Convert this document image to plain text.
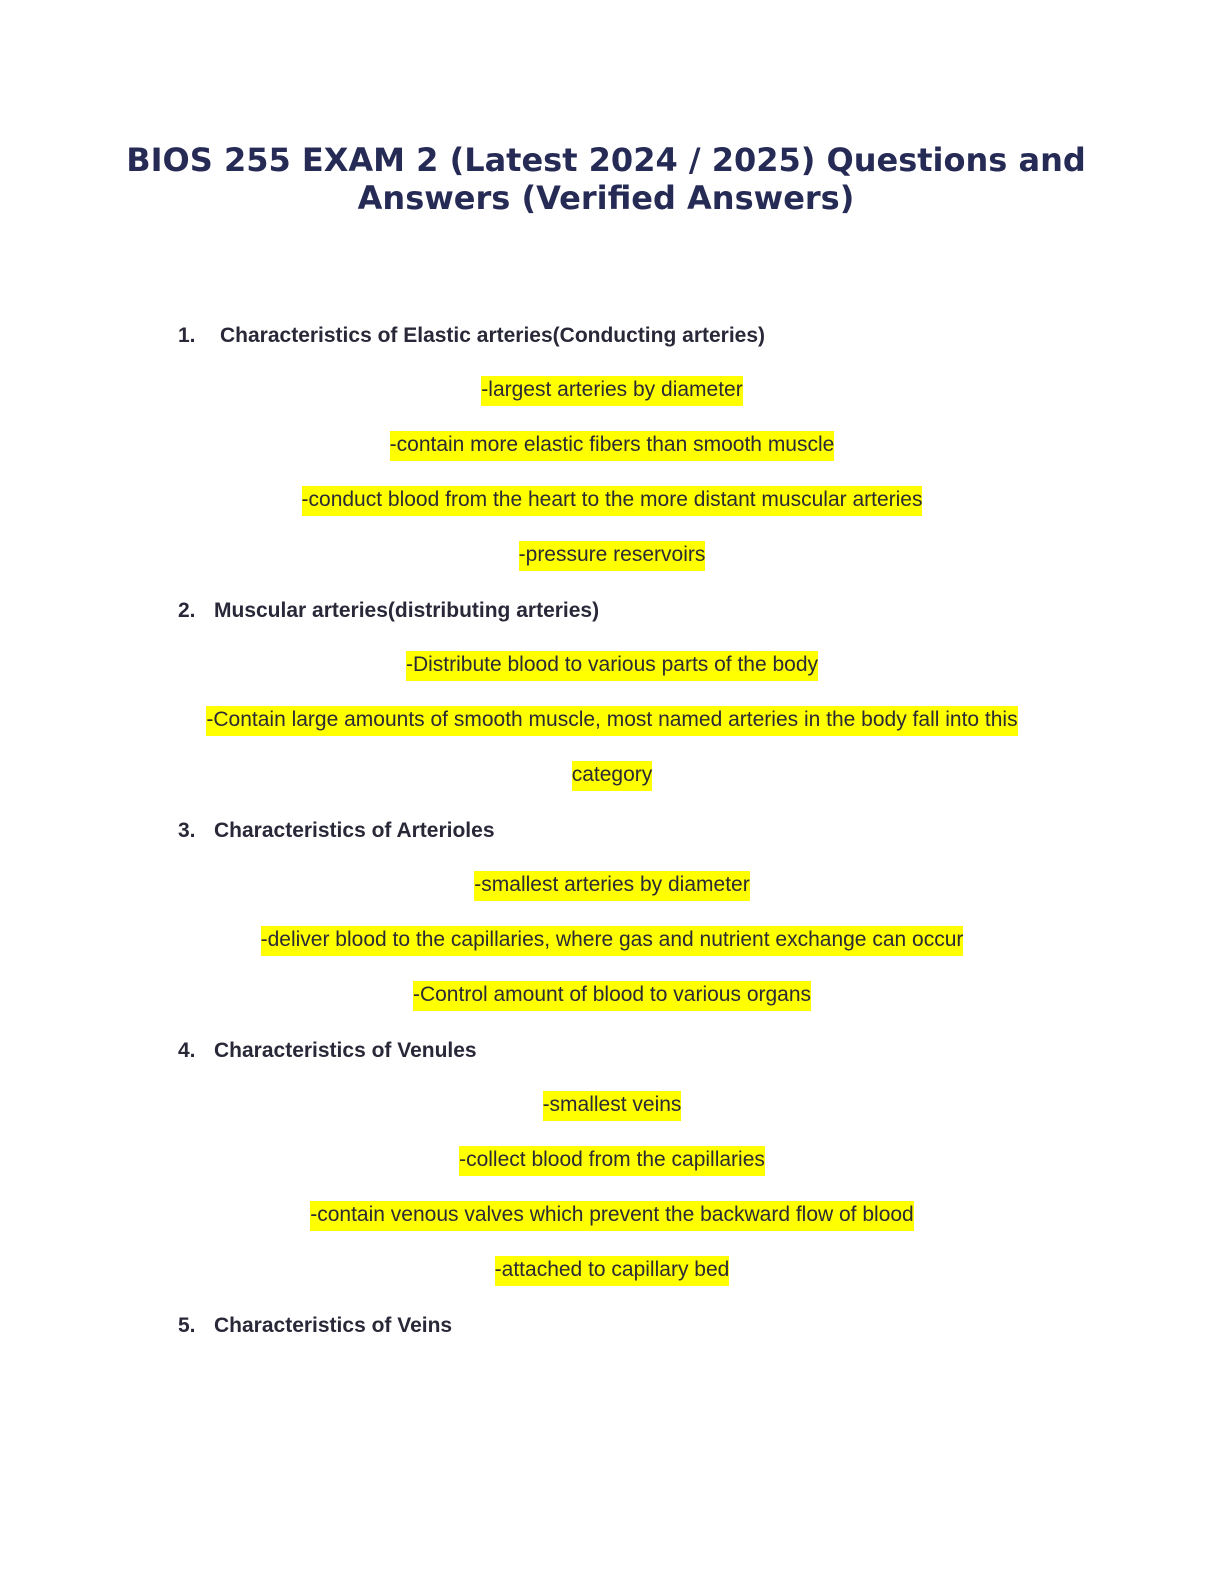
BIOS 255 EXAM 2 (Latest 2024 / 2025) Questions and Answers (Verified Answers)
1.	Characteristics of Elastic arteries(Conducting arteries)
-largest arteries by diameter
-contain more elastic fibers than smooth muscle
-conduct blood from the heart to the more distant muscular arteries
-pressure reservoirs
2. Muscular arteries(distributing arteries)
-Distribute blood to various parts of the body
-Contain large amounts of smooth muscle, most named arteries in the body fall into this
category
3. Characteristics of Arterioles
-smallest arteries by diameter
-deliver blood to the capillaries, where gas and nutrient exchange can occur
-Control amount of blood to various organs
4. Characteristics of Venules
-smallest veins
-collect blood from the capillaries
-contain venous valves which prevent the backward flow of blood
-attached to capillary bed
5. Characteristics of Veins
